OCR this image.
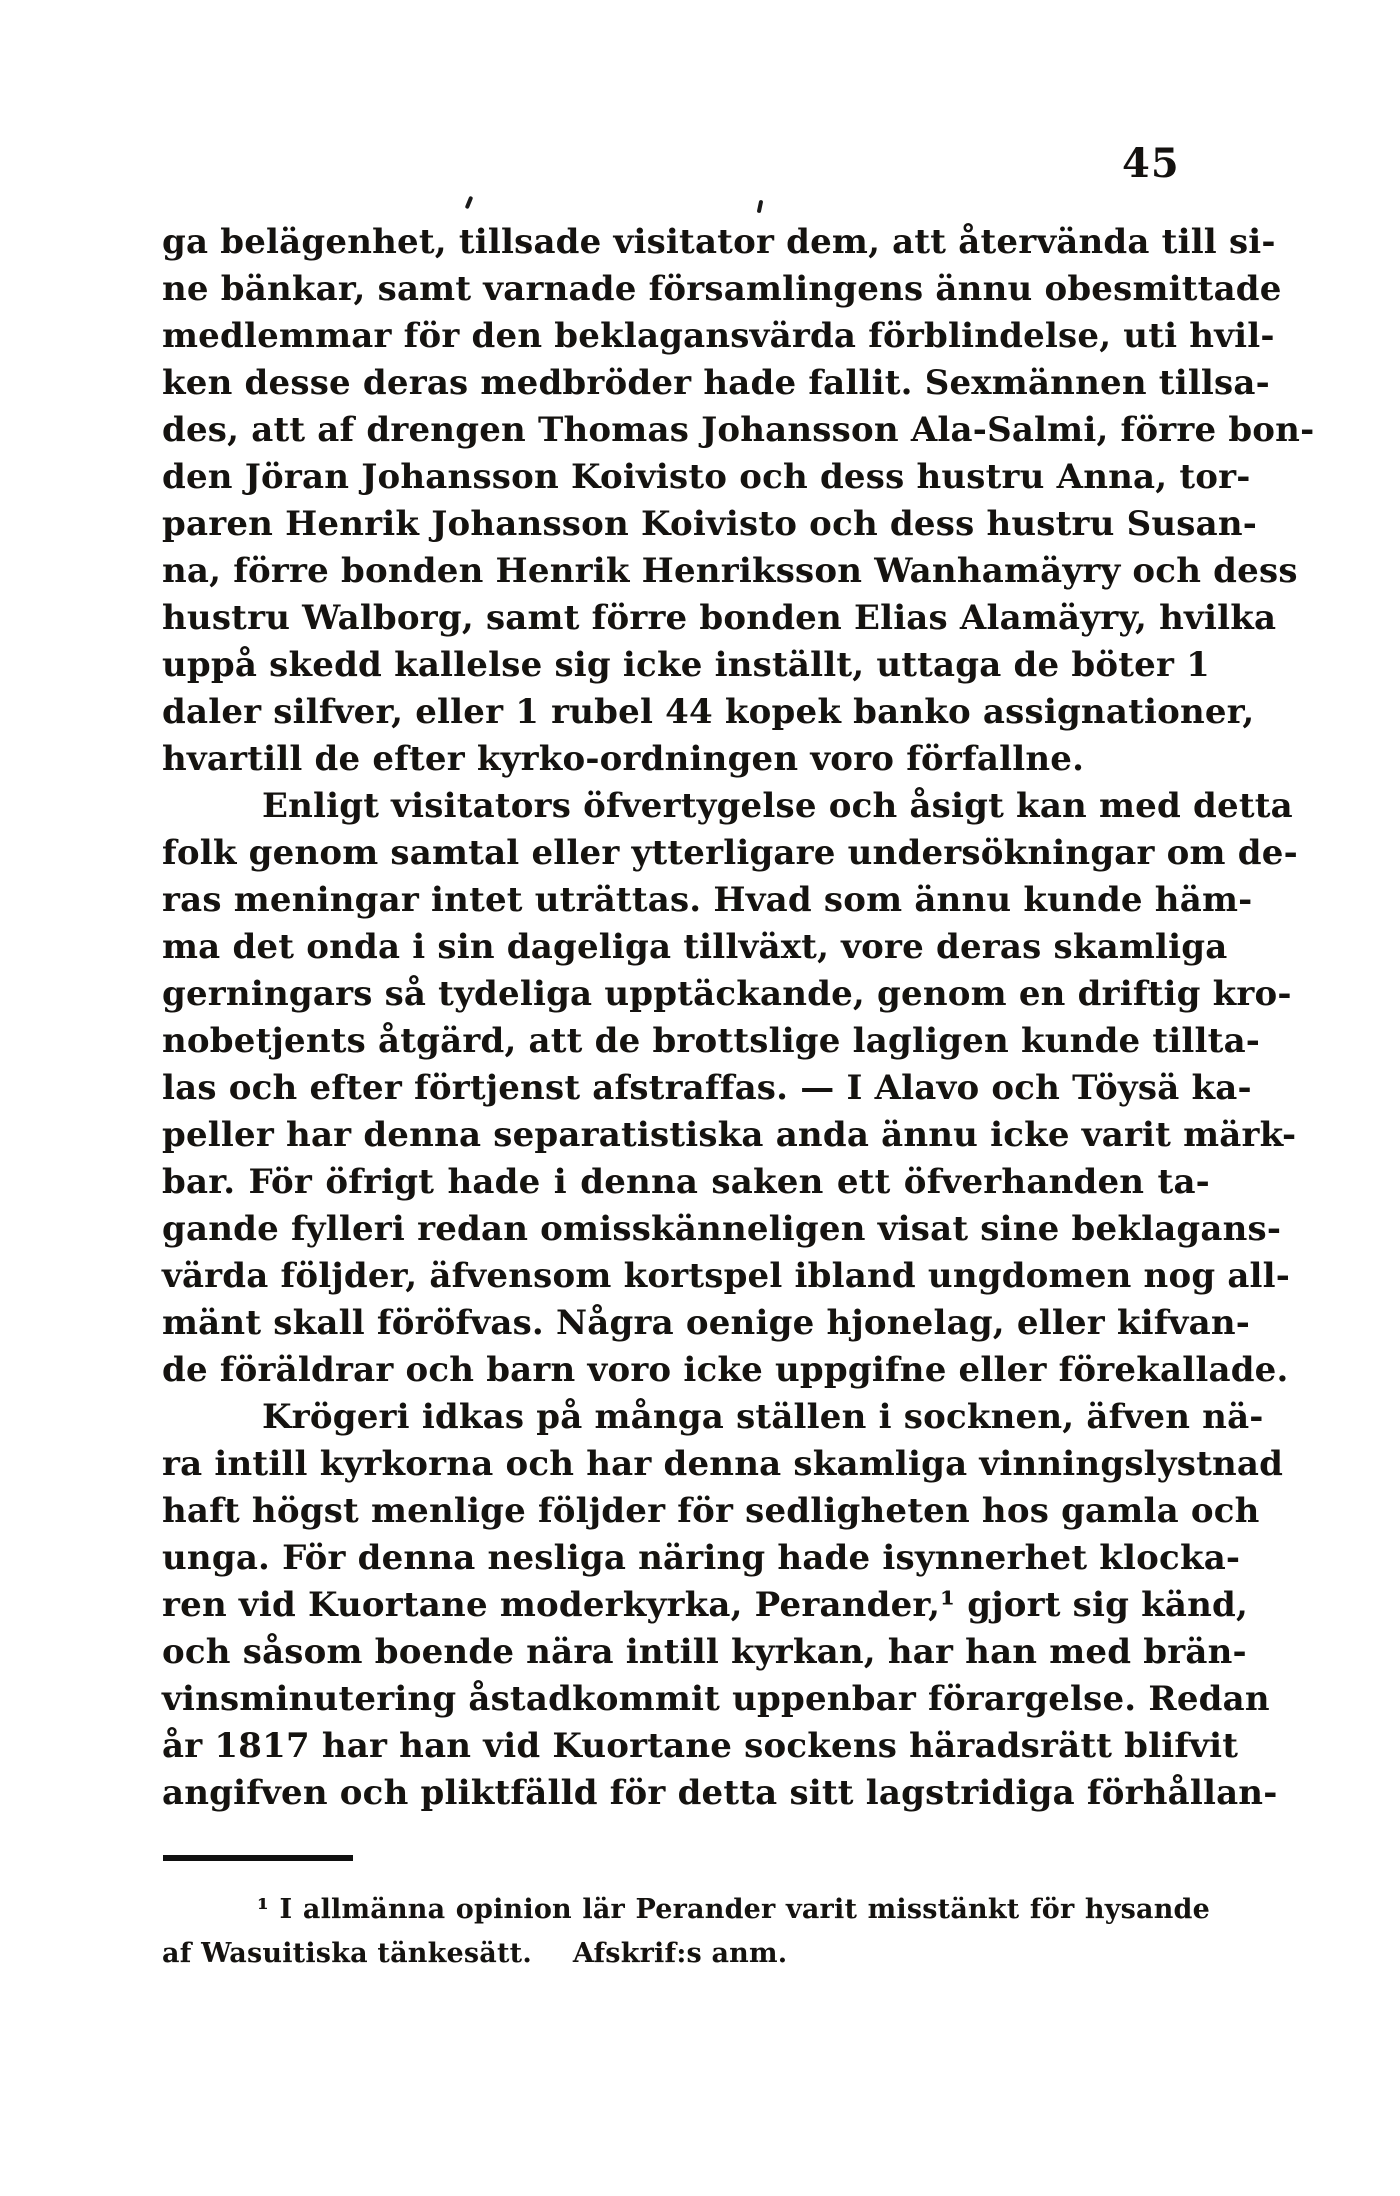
45
ga belägenhet, tillsade visitator dem, att återvända till si-
ne bänkar, samt varnade församlingens ännu obesmittade
medlemmar för den beklagansvärda förblindelse, uti hvil-
ken desse deras medbröder hade fallit. Sexmännen tillsa-
des, att af drengen Thomas Johansson Ala-Salmi, förre bon-
den Jöran Johansson Koivisto och dess hustru Anna, tor-
paren Henrik Johansson Koivisto och dess hustru Susan-
na, förre bonden Henrik Henriksson Wanhamäyry och dess
hustru Walborg, samt förre bonden Elias Alamäyry, hvilka
uppå skedd kallelse sig icke inställt, uttaga de böter 1
daler silfver, eller 1 rubel 44 kopek banko assignationer,
hvartill de efter kyrko-ordningen voro förfallne.
Enligt visitators öfvertygelse och åsigt kan med detta
folk genom samtal eller ytterligare undersökningar om de-
ras meningar intet uträttas. Hvad som ännu kunde häm-
ma det onda i sin dageliga tillväxt, vore deras skamliga
gerningars så tydeliga upptäckande, genom en driftig kro-
nobetjents åtgärd, att de brottslige lagligen kunde tillta-
las och efter förtjenst afstraffas. — I Alavo och Töysä ka-
peller har denna separatistiska anda ännu icke varit märk-
bar. För öfrigt hade i denna saken ett öfverhanden ta-
gande fylleri redan omisskänneligen visat sine beklagans-
värda följder, äfvensom kortspel ibland ungdomen nog all-
mänt skall föröfvas. Några oenige hjonelag, eller kifvan-
de föräldrar och barn voro icke uppgifne eller förekallade.
Krögeri idkas på många ställen i socknen, äfven nä-
ra intill kyrkorna och har denna skamliga vinningslystnad
haft högst menlige följder för sedligheten hos gamla och
unga. För denna nesliga näring hade isynnerhet klocka-
ren vid Kuortane moderkyrka, Perander,¹ gjort sig känd,
och såsom boende nära intill kyrkan, har han med brän-
vinsminutering åstadkommit uppenbar förargelse. Redan
år 1817 har han vid Kuortane sockens häradsrätt blifvit
angifven och pliktfälld för detta sitt lagstridiga förhållan-
¹ I allmänna opinion lär Perander varit misstänkt för hysande
af Wasuitiska tänkesätt.  Afskrif:s anm.
